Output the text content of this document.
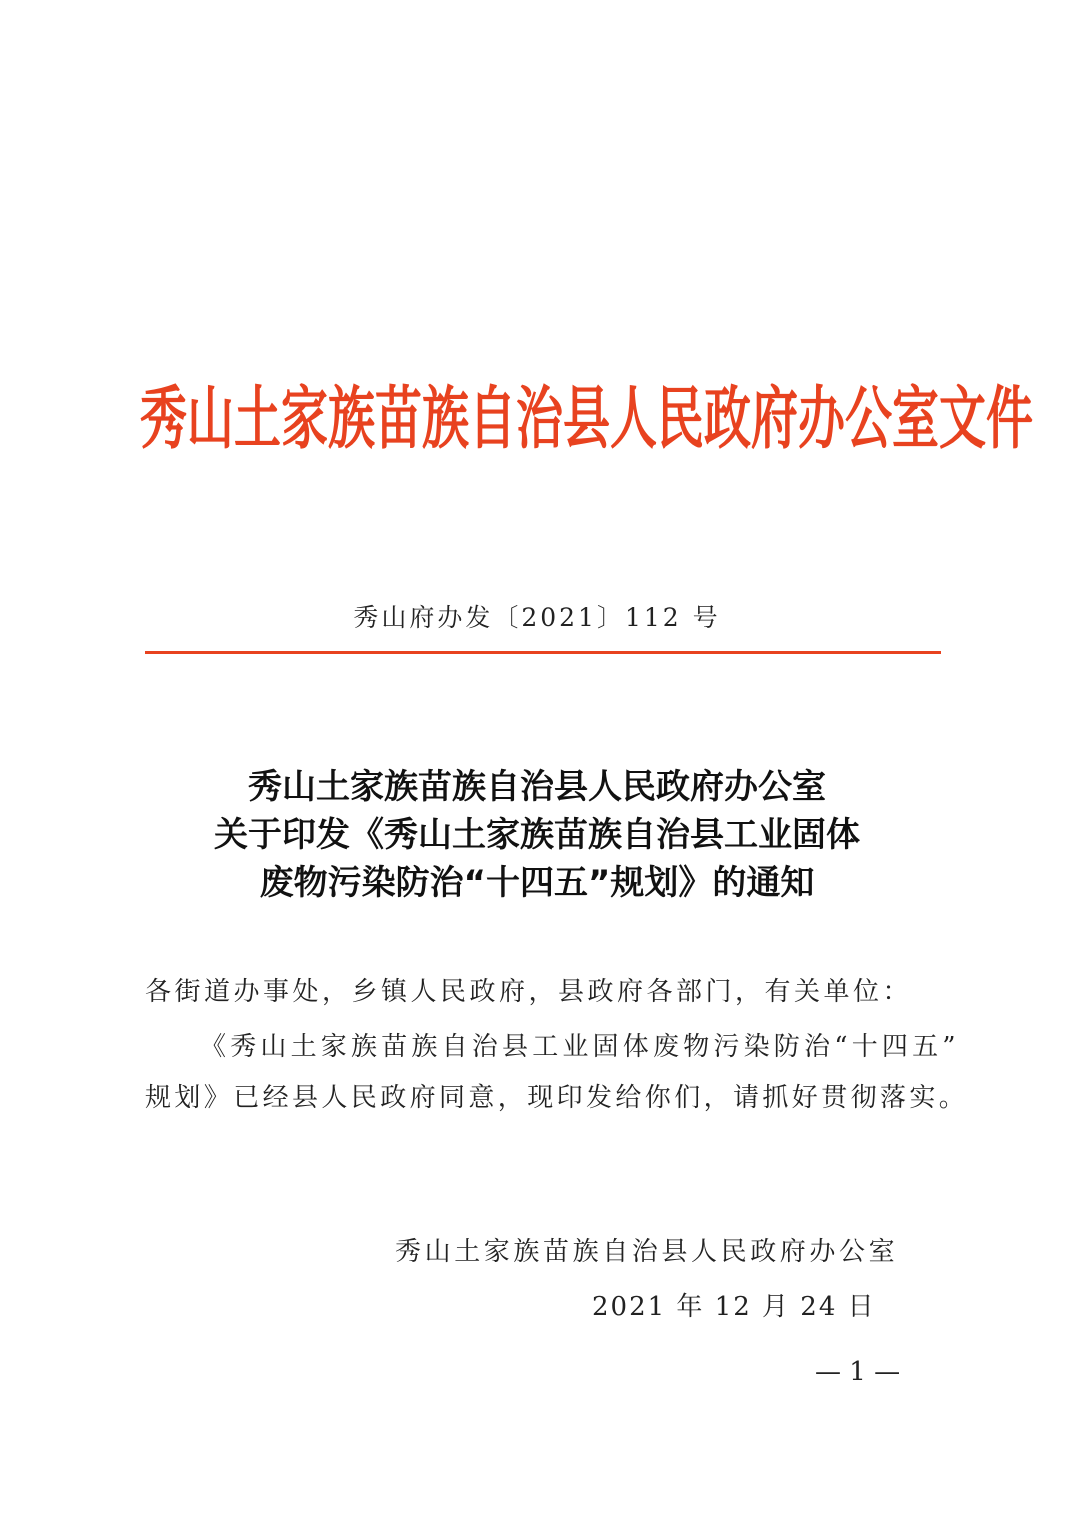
秀山土家族苗族自治县人民政府办公室文件
秀山府办发〔2021〕112 号
秀山土家族苗族自治县人民政府办公室
关于印发《秀山土家族苗族自治县工业固体
废物污染防治“十四五”规划》的通知
各街道办事处，乡镇人民政府，县政府各部门，有关单位：
《秀山土家族苗族自治县工业固体废物污染防治“十四五”
规划》已经县人民政府同意，现印发给你们，请抓好贯彻落实。
秀山土家族苗族自治县人民政府办公室
2021 年 12 月 24 日
— 1 —
